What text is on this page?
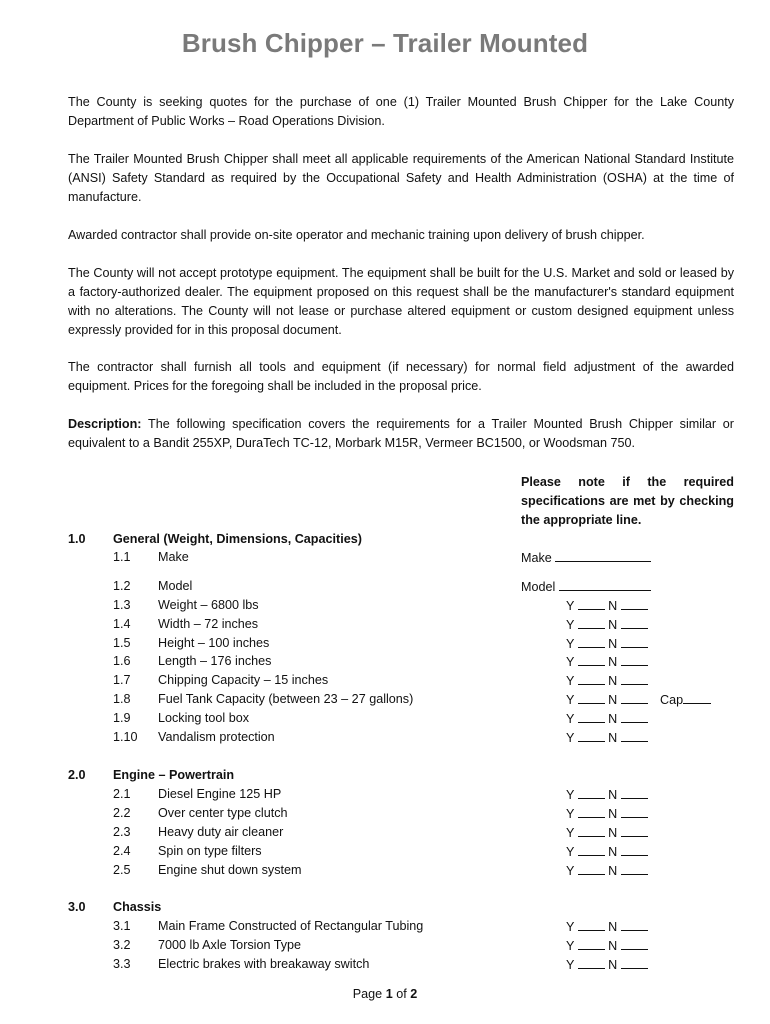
Brush Chipper – Trailer Mounted

The County is seeking quotes for the purchase of one (1) Trailer Mounted Brush Chipper for the Lake County Department of Public Works – Road Operations Division.

The Trailer Mounted Brush Chipper shall meet all applicable requirements of the American National Standard Institute (ANSI) Safety Standard as required by the Occupational Safety and Health Administration (OSHA) at the time of manufacture.

Awarded contractor shall provide on-site operator and mechanic training upon delivery of brush chipper.

The County will not accept prototype equipment. The equipment shall be built for the U.S. Market and sold or leased by a factory-authorized dealer. The equipment proposed on this request shall be the manufacturer's standard equipment with no alterations. The County will not lease or purchase altered equipment or custom designed equipment unless expressly provided for in this proposal document.

The contractor shall furnish all tools and equipment (if necessary) for normal field adjustment of the awarded equipment. Prices for the foregoing shall be included in the proposal price.

Description: The following specification covers the requirements for a Trailer Mounted Brush Chipper similar or equivalent to a Bandit 255XP, DuraTech TC-12, Morbark M15R, Vermeer BC1500, or Woodsman 750.

Please note if the required specifications are met by checking the appropriate line.
1.0 General (Weight, Dimensions, Capacities)
1.1 Make	Make
1.2 Model	Model
1.3 Weight – 6800 lbs	Y  N
1.4 Width – 72 inches	Y  N
1.5 Height – 100 inches	Y  N
1.6 Length – 176 inches	Y  N
1.7 Chipping Capacity – 15 inches	Y  N
1.8 Fuel Tank Capacity (between 23 – 27 gallons)	Y  N	Cap
1.9 Locking tool box	Y  N
1.10 Vandalism protection	Y  N
2.0 Engine – Powertrain
2.1 Diesel Engine 125 HP	Y  N
2.2 Over center type clutch	Y  N
2.3 Heavy duty air cleaner	Y  N
2.4 Spin on type filters	Y  N
2.5 Engine shut down system	Y  N
3.0 Chassis
3.1 Main Frame Constructed of Rectangular Tubing	Y  N
3.2 7000 lb Axle Torsion Type	Y  N
3.3 Electric brakes with breakaway switch	Y  N
Page 1 of 2
